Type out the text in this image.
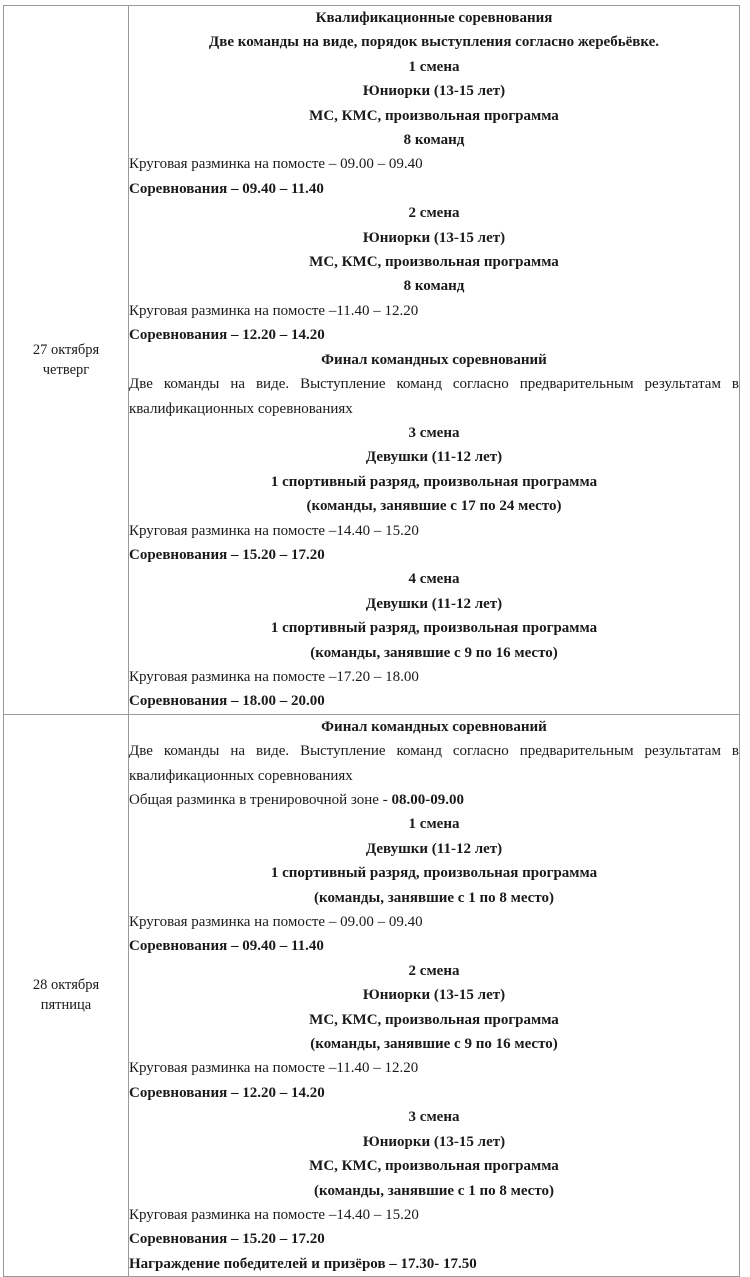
27 октября
четверг

Квалификационные соревнования
Две команды на виде, порядок выступления согласно жеребьёвке.
1 смена
Юниорки (13-15 лет)
МС, КМС, произвольная программа
8 команд
Круговая разминка на помосте – 09.00 – 09.40
Соревнования – 09.40 – 11.40
2 смена
Юниорки (13-15 лет)
МС, КМС, произвольная программа
8 команд
Круговая разминка на помосте –11.40 – 12.20
Соревнования – 12.20 – 14.20
Финал командных соревнований

Две команды на виде. Выступление команд согласно предварительным результатам в квалификационных соревнованиях

3 смена
Девушки (11-12 лет)
1 спортивный разряд, произвольная программа
(команды, занявшие с 17 по 24 место)
Круговая разминка на помосте –14.40 – 15.20
Соревнования – 15.20 – 17.20
4 смена
Девушки (11-12 лет)
1 спортивный разряд, произвольная программа
(команды, занявшие с 9 по 16 место)
Круговая разминка на помосте –17.20 – 18.00
Соревнования – 18.00 – 20.00

28 октября
пятница

Финал командных соревнований

Две команды на виде. Выступление команд согласно предварительным результатам в квалификационных соревнованиях

Общая разминка в тренировочной зоне - 08.00-09.00
1 смена
Девушки (11-12 лет)
1 спортивный разряд, произвольная программа
(команды, занявшие с 1 по 8 место)
Круговая разминка на помосте – 09.00 – 09.40
Соревнования – 09.40 – 11.40
2 смена
Юниорки (13-15 лет)
МС, КМС, произвольная программа
(команды, занявшие с 9 по 16 место)
Круговая разминка на помосте –11.40 – 12.20
Соревнования – 12.20 – 14.20
3 смена
Юниорки (13-15 лет)
МС, КМС, произвольная программа
(команды, занявшие с 1 по 8 место)
Круговая разминка на помосте –14.40 – 15.20
Соревнования – 15.20 – 17.20
Награждение победителей и призёров – 17.30- 17.50
